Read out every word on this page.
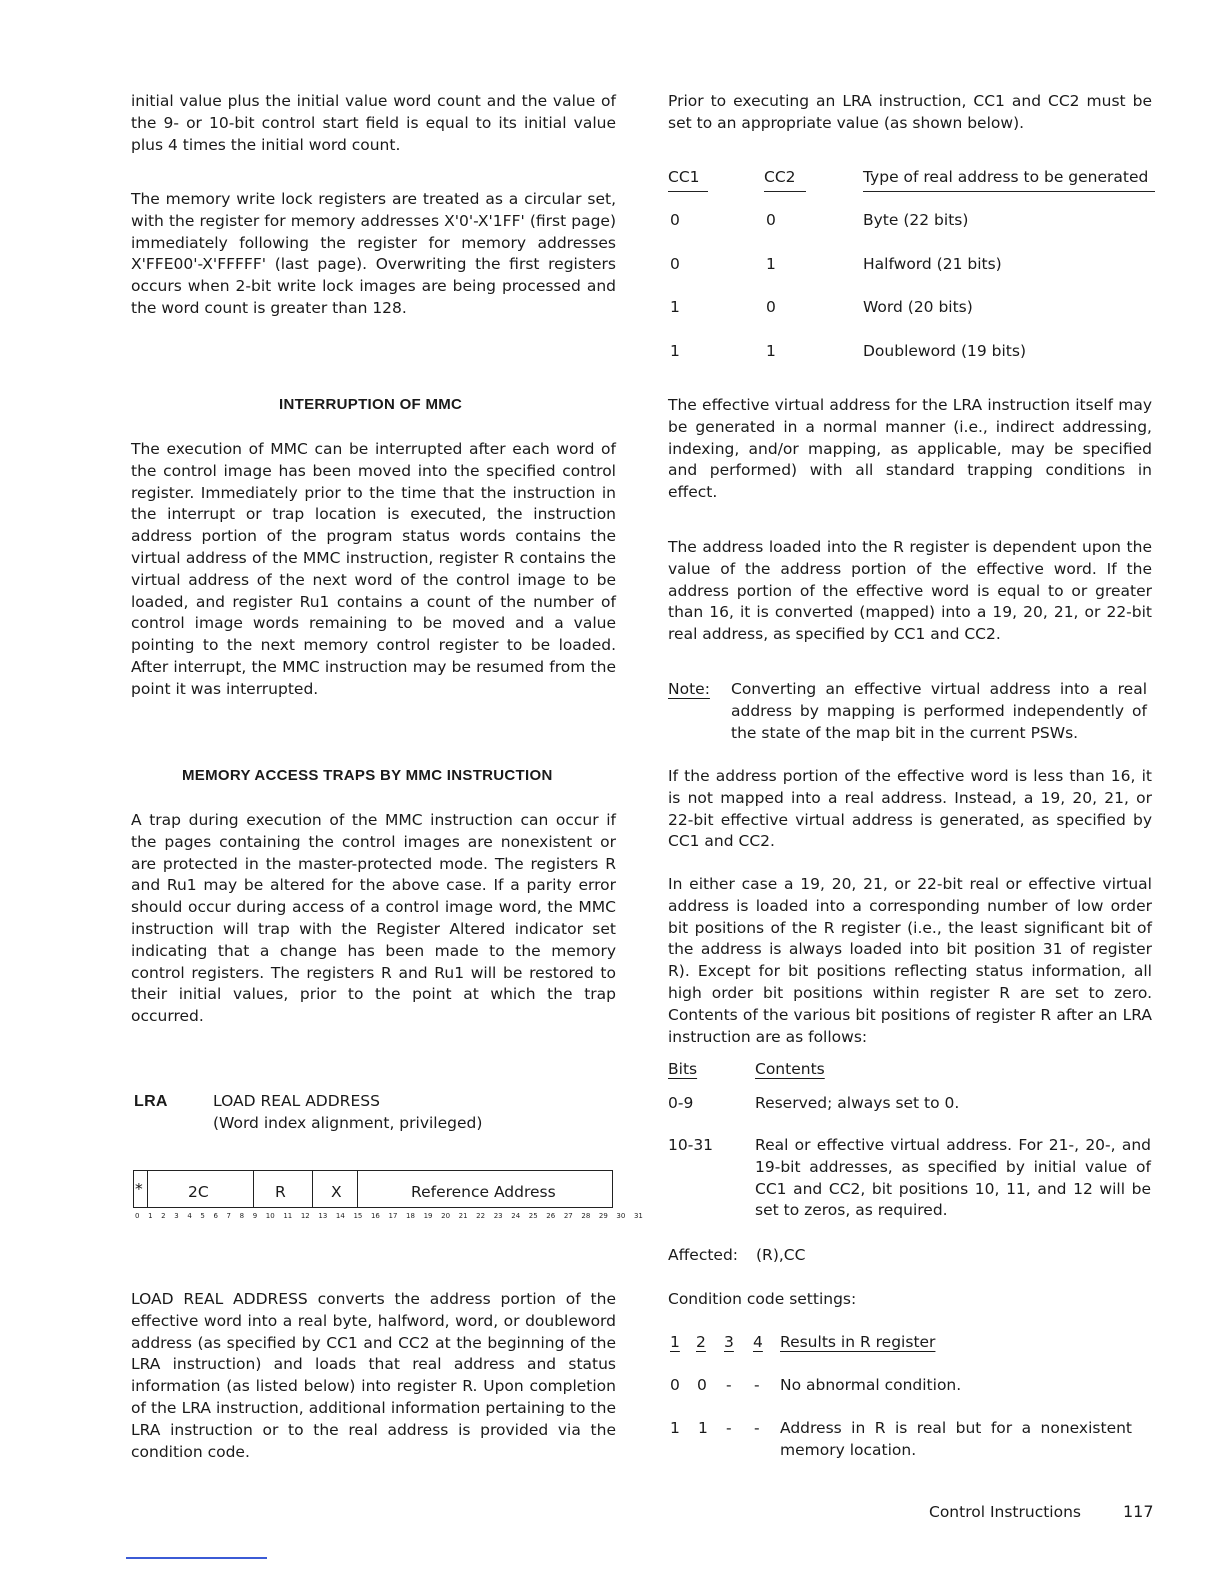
initial value plus the initial value word count and the value of the 9- or 10-bit control start field is equal to its initial value plus 4 times the initial word count.

The memory write lock registers are treated as a circular set, with the register for memory addresses X'0'-X'1FF' (first page) immediately following the register for memory addresses X'FFE00'-X'FFFFF' (last page). Overwriting the first registers occurs when 2-bit write lock images are being processed and the word count is greater than 128.

INTERRUPTION OF MMC

The execution of MMC can be interrupted after each word of the control image has been moved into the specified control register. Immediately prior to the time that the instruction in the interrupt or trap location is executed, the instruction address portion of the program status words contains the virtual address of the MMC instruction, register R contains the virtual address of the next word of the control image to be loaded, and register Ru1 contains a count of the number of control image words remaining to be moved and a value pointing to the next memory control register to be loaded. After interrupt, the MMC instruction may be resumed from the point it was interrupted.

MEMORY ACCESS TRAPS BY MMC INSTRUCTION

A trap during execution of the MMC instruction can occur if the pages containing the control images are nonexistent or are protected in the master-protected mode. The registers R and Ru1 may be altered for the above case. If a parity error should occur during access of a control image word, the MMC instruction will trap with the Register Altered indicator set indicating that a change has been made to the memory control registers. The registers R and Ru1 will be restored to their initial values, prior to the point at which the trap occurred.

LRA	LOAD REAL ADDRESS
(Word index alignment, privileged)
*	2C	R	X	Reference Address
0 1 2 3 4 5 6 7 8 9 10 11 12 13 14 15 16 17 18 19 20 21 22 23 24 25 26 27 28 29 30 31

LOAD REAL ADDRESS converts the address portion of the effective word into a real byte, halfword, word, or doubleword address (as specified by CC1 and CC2 at the beginning of the LRA instruction) and loads that real address and status information (as listed below) into register R. Upon completion of the LRA instruction, additional information pertaining to the LRA instruction or to the real address is provided via the condition code.

Prior to executing an LRA instruction, CC1 and CC2 must be set to an appropriate value (as shown below).

CC1	CC2	Type of real address to be generated
0	0	Byte (22 bits)
0	1	Halfword (21 bits)
1	0	Word (20 bits)
1	1	Doubleword (19 bits)

The effective virtual address for the LRA instruction itself may be generated in a normal manner (i.e., indirect addressing, indexing, and/or mapping, as applicable, may be specified and performed) with all standard trapping conditions in effect.

The address loaded into the R register is dependent upon the value of the address portion of the effective word. If the address portion of the effective word is equal to or greater than 16, it is converted (mapped) into a 19, 20, 21, or 22-bit real address, as specified by CC1 and CC2.

Note:	Converting an effective virtual address into a real address by mapping is performed independently of the state of the map bit in the current PSWs.

If the address portion of the effective word is less than 16, it is not mapped into a real address. Instead, a 19, 20, 21, or 22-bit effective virtual address is generated, as specified by CC1 and CC2.

In either case a 19, 20, 21, or 22-bit real or effective virtual address is loaded into a corresponding number of low order bit positions of the R register (i.e., the least significant bit of the address is always loaded into bit position 31 of register R). Except for bit positions reflecting status information, all high order bit positions within register R are set to zero. Contents of the various bit positions of register R after an LRA instruction are as follows:

Bits	Contents
0-9	Reserved; always set to 0.
10-31	Real or effective virtual address. For 21-, 20-, and 19-bit addresses, as specified by initial value of CC1 and CC2, bit positions 10, 11, and 12 will be set to zeros, as required.

Affected:	(R),CC
Condition code settings:
1 2 3 4 Results in R register
0 0 - - No abnormal condition.
1 1 - - Address in R is real but for a nonexistent memory location.

Control Instructions	117
